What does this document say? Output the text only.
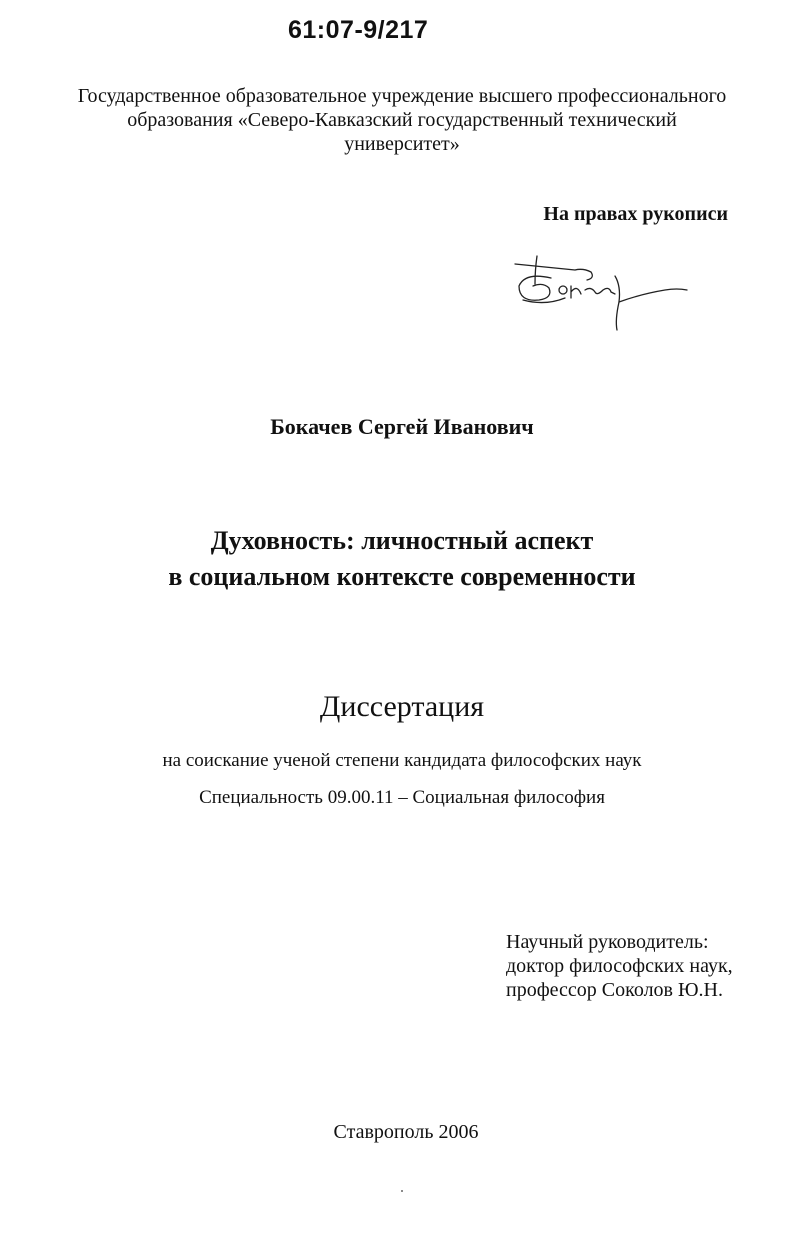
61:07-9/217
Государственное образовательное учреждение высшего профессионального
образования «Северо-Кавказский государственный технический
университет»
На правах рукописи
Бокачев Сергей Иванович
Духовность: личностный аспект
в социальном контексте современности
Диссертация
на соискание ученой степени кандидата философских наук
Специальность 09.00.11 – Социальная философия
Научный руководитель:
доктор философских наук,
профессор Соколов Ю.Н.
Ставрополь 2006
